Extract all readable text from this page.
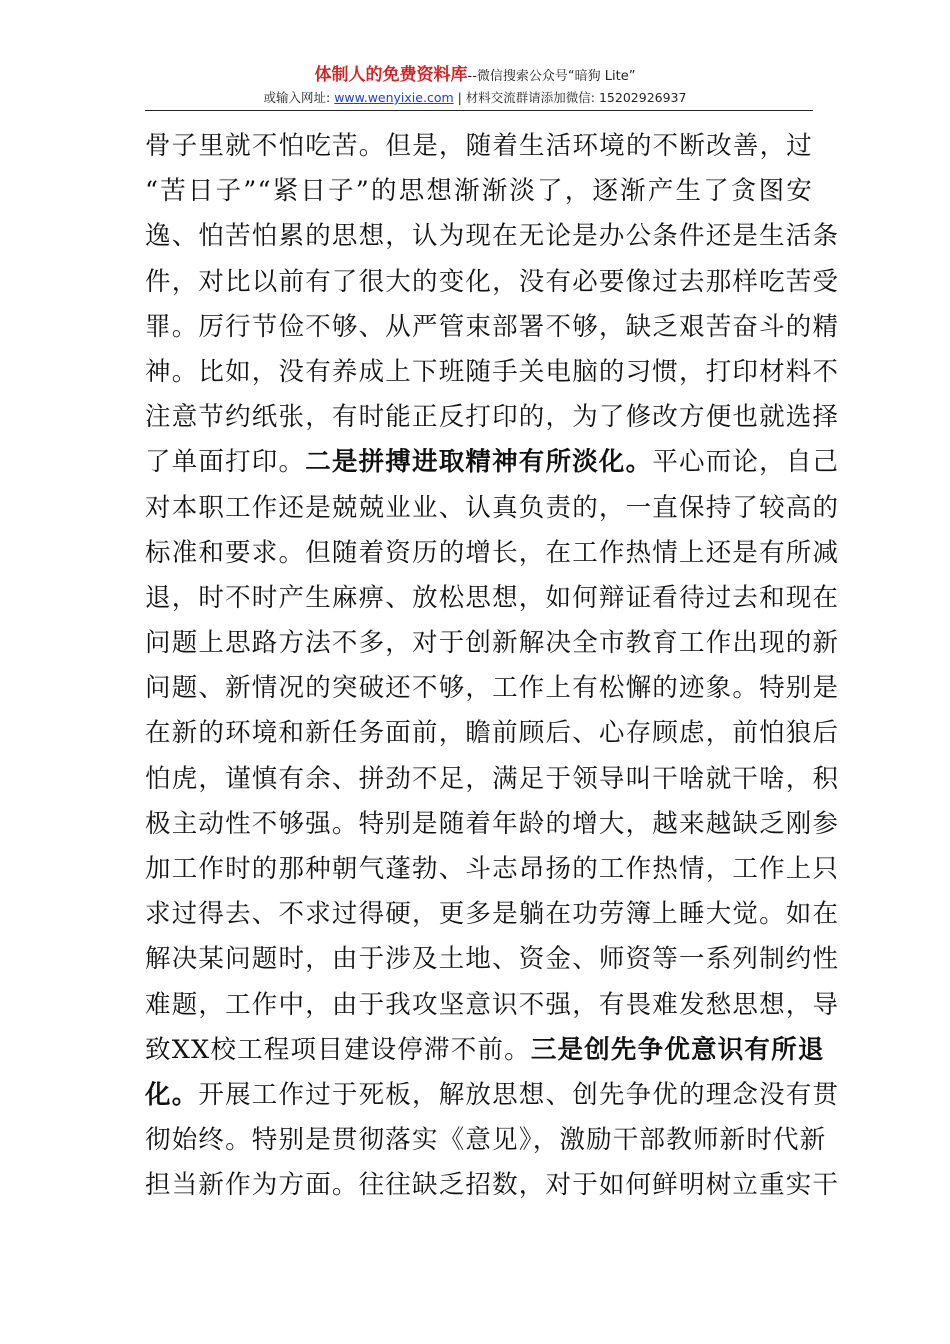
体制人的免费资料库--微信搜索公众号“暗狗 Lite”
或输入网址: www.wenyixie.com | 材料交流群请添加微信: 15202926937
骨子里就不怕吃苦。但是，随着生活环境的不断改善，过
“苦日子”“紧日子”的思想渐渐淡了，逐渐产生了贪图安
逸、怕苦怕累的思想，认为现在无论是办公条件还是生活条
件，对比以前有了很大的变化，没有必要像过去那样吃苦受
罪。厉行节俭不够、从严管束部署不够，缺乏艰苦奋斗的精
神。比如，没有养成上下班随手关电脑的习惯，打印材料不
注意节约纸张，有时能正反打印的，为了修改方便也就选择
了单面打印。二是拼搏进取精神有所淡化。平心而论，自己
对本职工作还是兢兢业业、认真负责的，一直保持了较高的
标准和要求。但随着资历的增长，在工作热情上还是有所减
退，时不时产生麻痹、放松思想，如何辩证看待过去和现在
问题上思路方法不多，对于创新解决全市教育工作出现的新
问题、新情况的突破还不够，工作上有松懈的迹象。特别是
在新的环境和新任务面前，瞻前顾后、心存顾虑，前怕狼后
怕虎，谨慎有余、拼劲不足，满足于领导叫干啥就干啥，积
极主动性不够强。特别是随着年龄的增大，越来越缺乏刚参
加工作时的那种朝气蓬勃、斗志昂扬的工作热情，工作上只
求过得去、不求过得硬，更多是躺在功劳簿上睡大觉。如在
解决某问题时，由于涉及土地、资金、师资等一系列制约性
难题，工作中，由于我攻坚意识不强，有畏难发愁思想，导
致XX校工程项目建设停滞不前。三是创先争优意识有所退
化。开展工作过于死板，解放思想、创先争优的理念没有贯
彻始终。特别是贯彻落实《意见》，激励干部教师新时代新
担当新作为方面。往往缺乏招数，对于如何鲜明树立重实干
